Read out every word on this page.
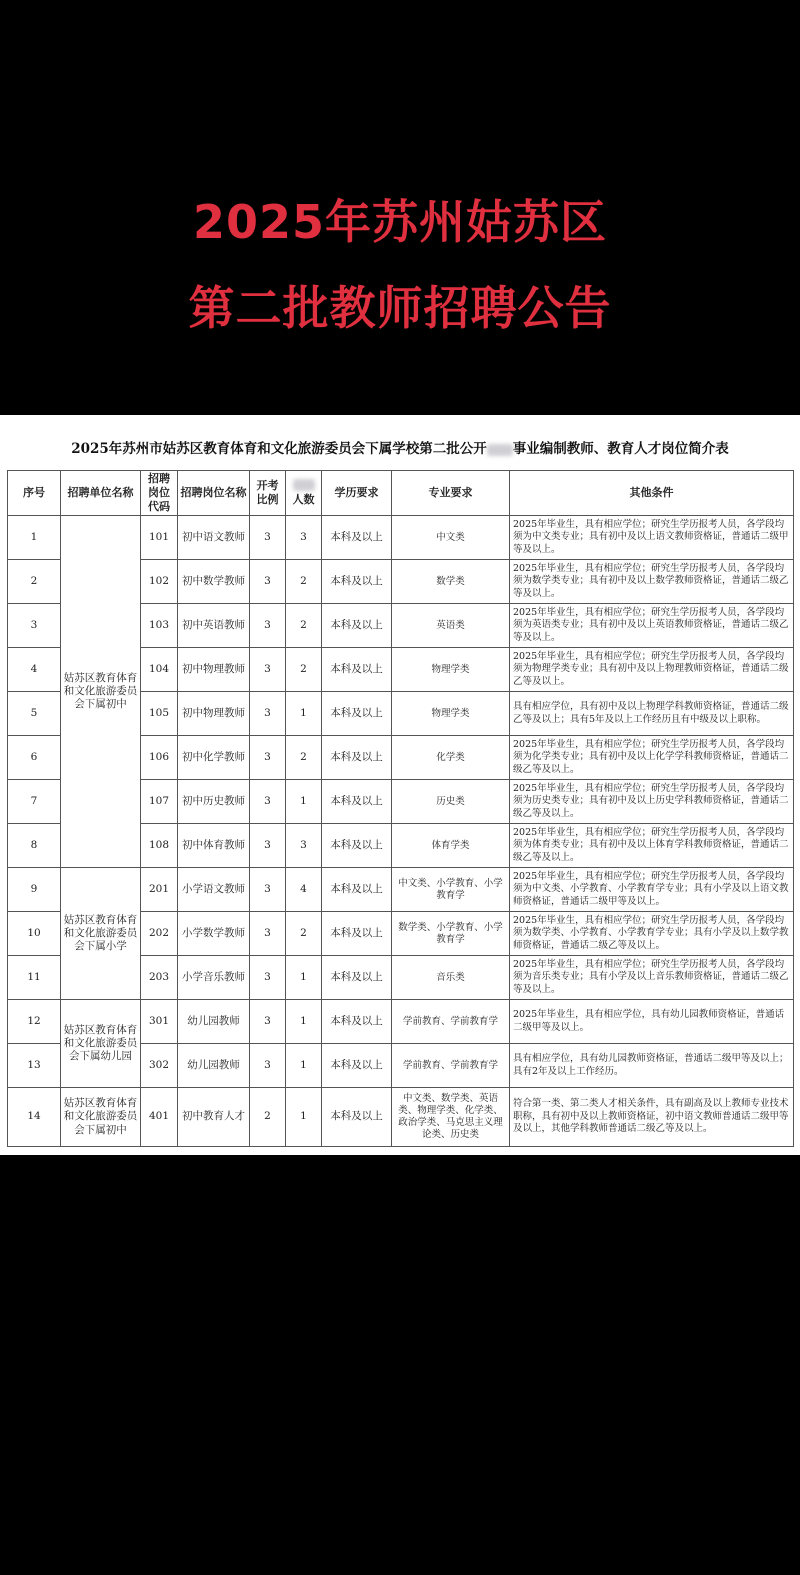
2025年苏州姑苏区
第二批教师招聘公告
2025年苏州市姑苏区教育体育和文化旅游委员会下属学校第二批公开 事业编制教师、教育人才岗位简介表
序号	招聘单位名称	招聘岗位代码	招聘岗位名称	开考比例	人数	学历要求	专业要求	其他条件
1	姑苏区教育体育和文化旅游委员会下属初中	101	初中语文教师	3	3	本科及以上	中文类	2025年毕业生，具有相应学位；研究生学历报考人员，各学段均须为中文类专业；具有初中及以上语文教师资格证，普通话二级甲等及以上。
2		102	初中数学教师	3	2	本科及以上	数学类	2025年毕业生，具有相应学位；研究生学历报考人员，各学段均须为数学类专业；具有初中及以上数学教师资格证，普通话二级乙等及以上。
3		103	初中英语教师	3	2	本科及以上	英语类	2025年毕业生，具有相应学位；研究生学历报考人员，各学段均须为英语类专业；具有初中及以上英语教师资格证，普通话二级乙等及以上。
4		104	初中物理教师	3	2	本科及以上	物理学类	2025年毕业生，具有相应学位；研究生学历报考人员，各学段均须为物理学类专业；具有初中及以上物理教师资格证，普通话二级乙等及以上。
5		105	初中物理教师	3	1	本科及以上	物理学类	具有相应学位，具有初中及以上物理学科教师资格证，普通话二级乙等及以上；具有5年及以上工作经历且有中级及以上职称。
6		106	初中化学教师	3	2	本科及以上	化学类	2025年毕业生，具有相应学位；研究生学历报考人员，各学段均须为化学类专业；具有初中及以上化学学科教师资格证，普通话二级乙等及以上。
7		107	初中历史教师	3	1	本科及以上	历史类	2025年毕业生，具有相应学位；研究生学历报考人员，各学段均须为历史类专业；具有初中及以上历史学科教师资格证，普通话二级乙等及以上。
8		108	初中体育教师	3	3	本科及以上	体育学类	2025年毕业生，具有相应学位；研究生学历报考人员，各学段均须为体育类专业；具有初中及以上体育学科教师资格证，普通话二级乙等及以上。
9	姑苏区教育体育和文化旅游委员会下属小学	201	小学语文教师	3	4	本科及以上	中文类、小学教育、小学教育学	2025年毕业生，具有相应学位；研究生学历报考人员，各学段均须为中文类、小学教育、小学教育学专业；具有小学及以上语文教师资格证，普通话二级甲等及以上。
10		202	小学数学教师	3	2	本科及以上	数学类、小学教育、小学教育学	2025年毕业生，具有相应学位；研究生学历报考人员，各学段均须为数学类、小学教育、小学教育学专业；具有小学及以上数学教师资格证，普通话二级乙等及以上。
11		203	小学音乐教师	3	1	本科及以上	音乐类	2025年毕业生，具有相应学位；研究生学历报考人员，各学段均须为音乐类专业；具有小学及以上音乐教师资格证，普通话二级乙等及以上。
12	姑苏区教育体育和文化旅游委员会下属幼儿园	301	幼儿园教师	3	1	本科及以上	学前教育、学前教育学	2025年毕业生，具有相应学位，具有幼儿园教师资格证，普通话二级甲等及以上。
13		302	幼儿园教师	3	1	本科及以上	学前教育、学前教育学	具有相应学位，具有幼儿园教师资格证，普通话二级甲等及以上；具有2年及以上工作经历。
14	姑苏区教育体育和文化旅游委员会下属初中	401	初中教育人才	2	1	本科及以上	中文类、数学类、英语类、物理学类、化学类、政治学类、马克思主义理论类、历史类	符合第一类、第二类人才相关条件，具有副高及以上教师专业技术职称，具有初中及以上教师资格证，初中语文教师普通话二级甲等及以上，其他学科教师普通话二级乙等及以上。
